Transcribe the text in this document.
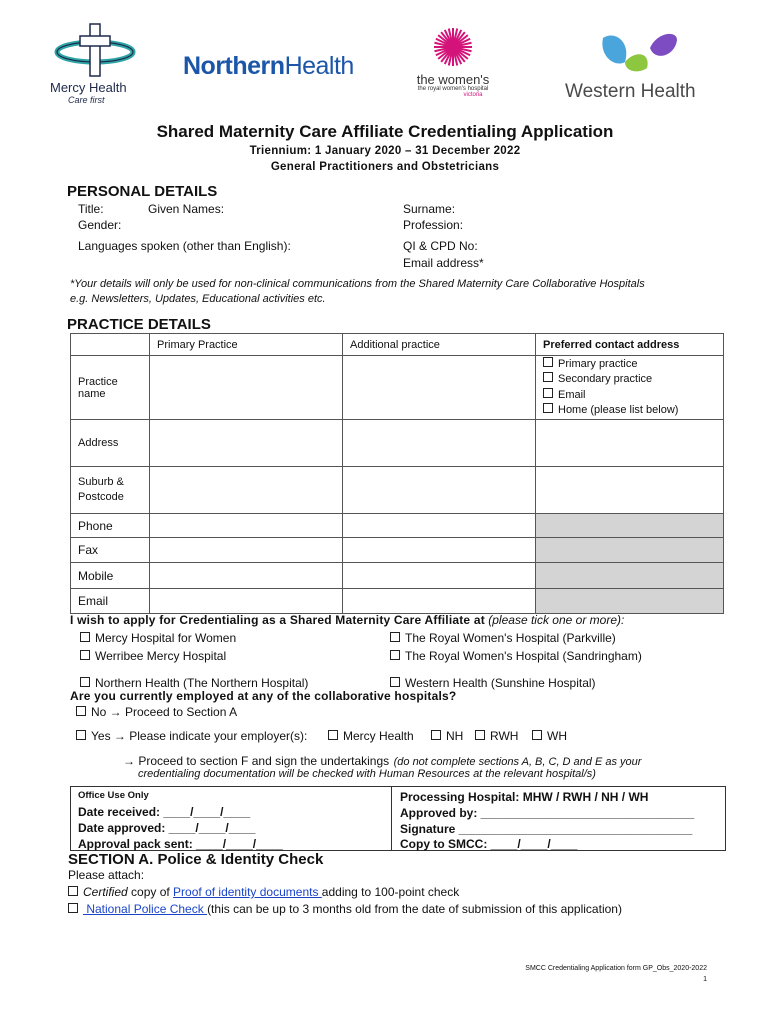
Mercy Health
Care first
NorthernHealth	the women's
the royal women's hospital
victoria	Western Health
Shared Maternity Care Affiliate Credentialing Application
Triennium: 1 January 2020 – 31 December 2022
General Practitioners and Obstetricians
PERSONAL DETAILS
Title:	Given Names:	Surname:
Gender:	Profession:
Languages spoken (other than English):	QI & CPD No:
Email address*
*Your details will only be used for non-clinical communications from the Shared Maternity Care Collaborative Hospitals
e.g. Newsletters, Updates, Educational activities etc.
PRACTICE DETAILS
	Primary Practice	Additional practice	Preferred contact address
Practice name			Primary practice
Secondary practice
Email
Home (please list below)

Address			
Suburb & Postcode			
Phone			
Fax			
Mobile			
Email			
I wish to apply for Credentialing as a Shared Maternity Care Affiliate at (please tick one or more):
Mercy Hospital for Women	The Royal Women's Hospital (Parkville)
Werribee Mercy Hospital	The Royal Women's Hospital (Sandringham)
Northern Health (The Northern Hospital)	Western Health (Sunshine Hospital)
Are you currently employed at any of the collaborative hospitals?
No → Proceed to Section A
Yes → Please indicate your employer(s):	Mercy Health	NH	RWH	WH
→ Proceed to section F and sign the undertakings (do not complete sections A, B, C, D and E as your
credentialing documentation will be checked with Human Resources at the relevant hospital/s)
Office Use Only
Date received: ____/____/____
Date approved: ____/____/____
Approval pack sent: ____/____/____
Processing Hospital: MHW / RWH / NH / WH
Approved by: ________________________________
Signature ___________________________________
Copy to SMCC: ____/____/____
SECTION A. Police & Identity Check
Please attach:
Certified copy of Proof of identity documents adding to 100-point check
National Police Check (this can be up to 3 months old from the date of submission of this application)
SMCC Credentialing Application form GP_Obs_2020-2022
1
